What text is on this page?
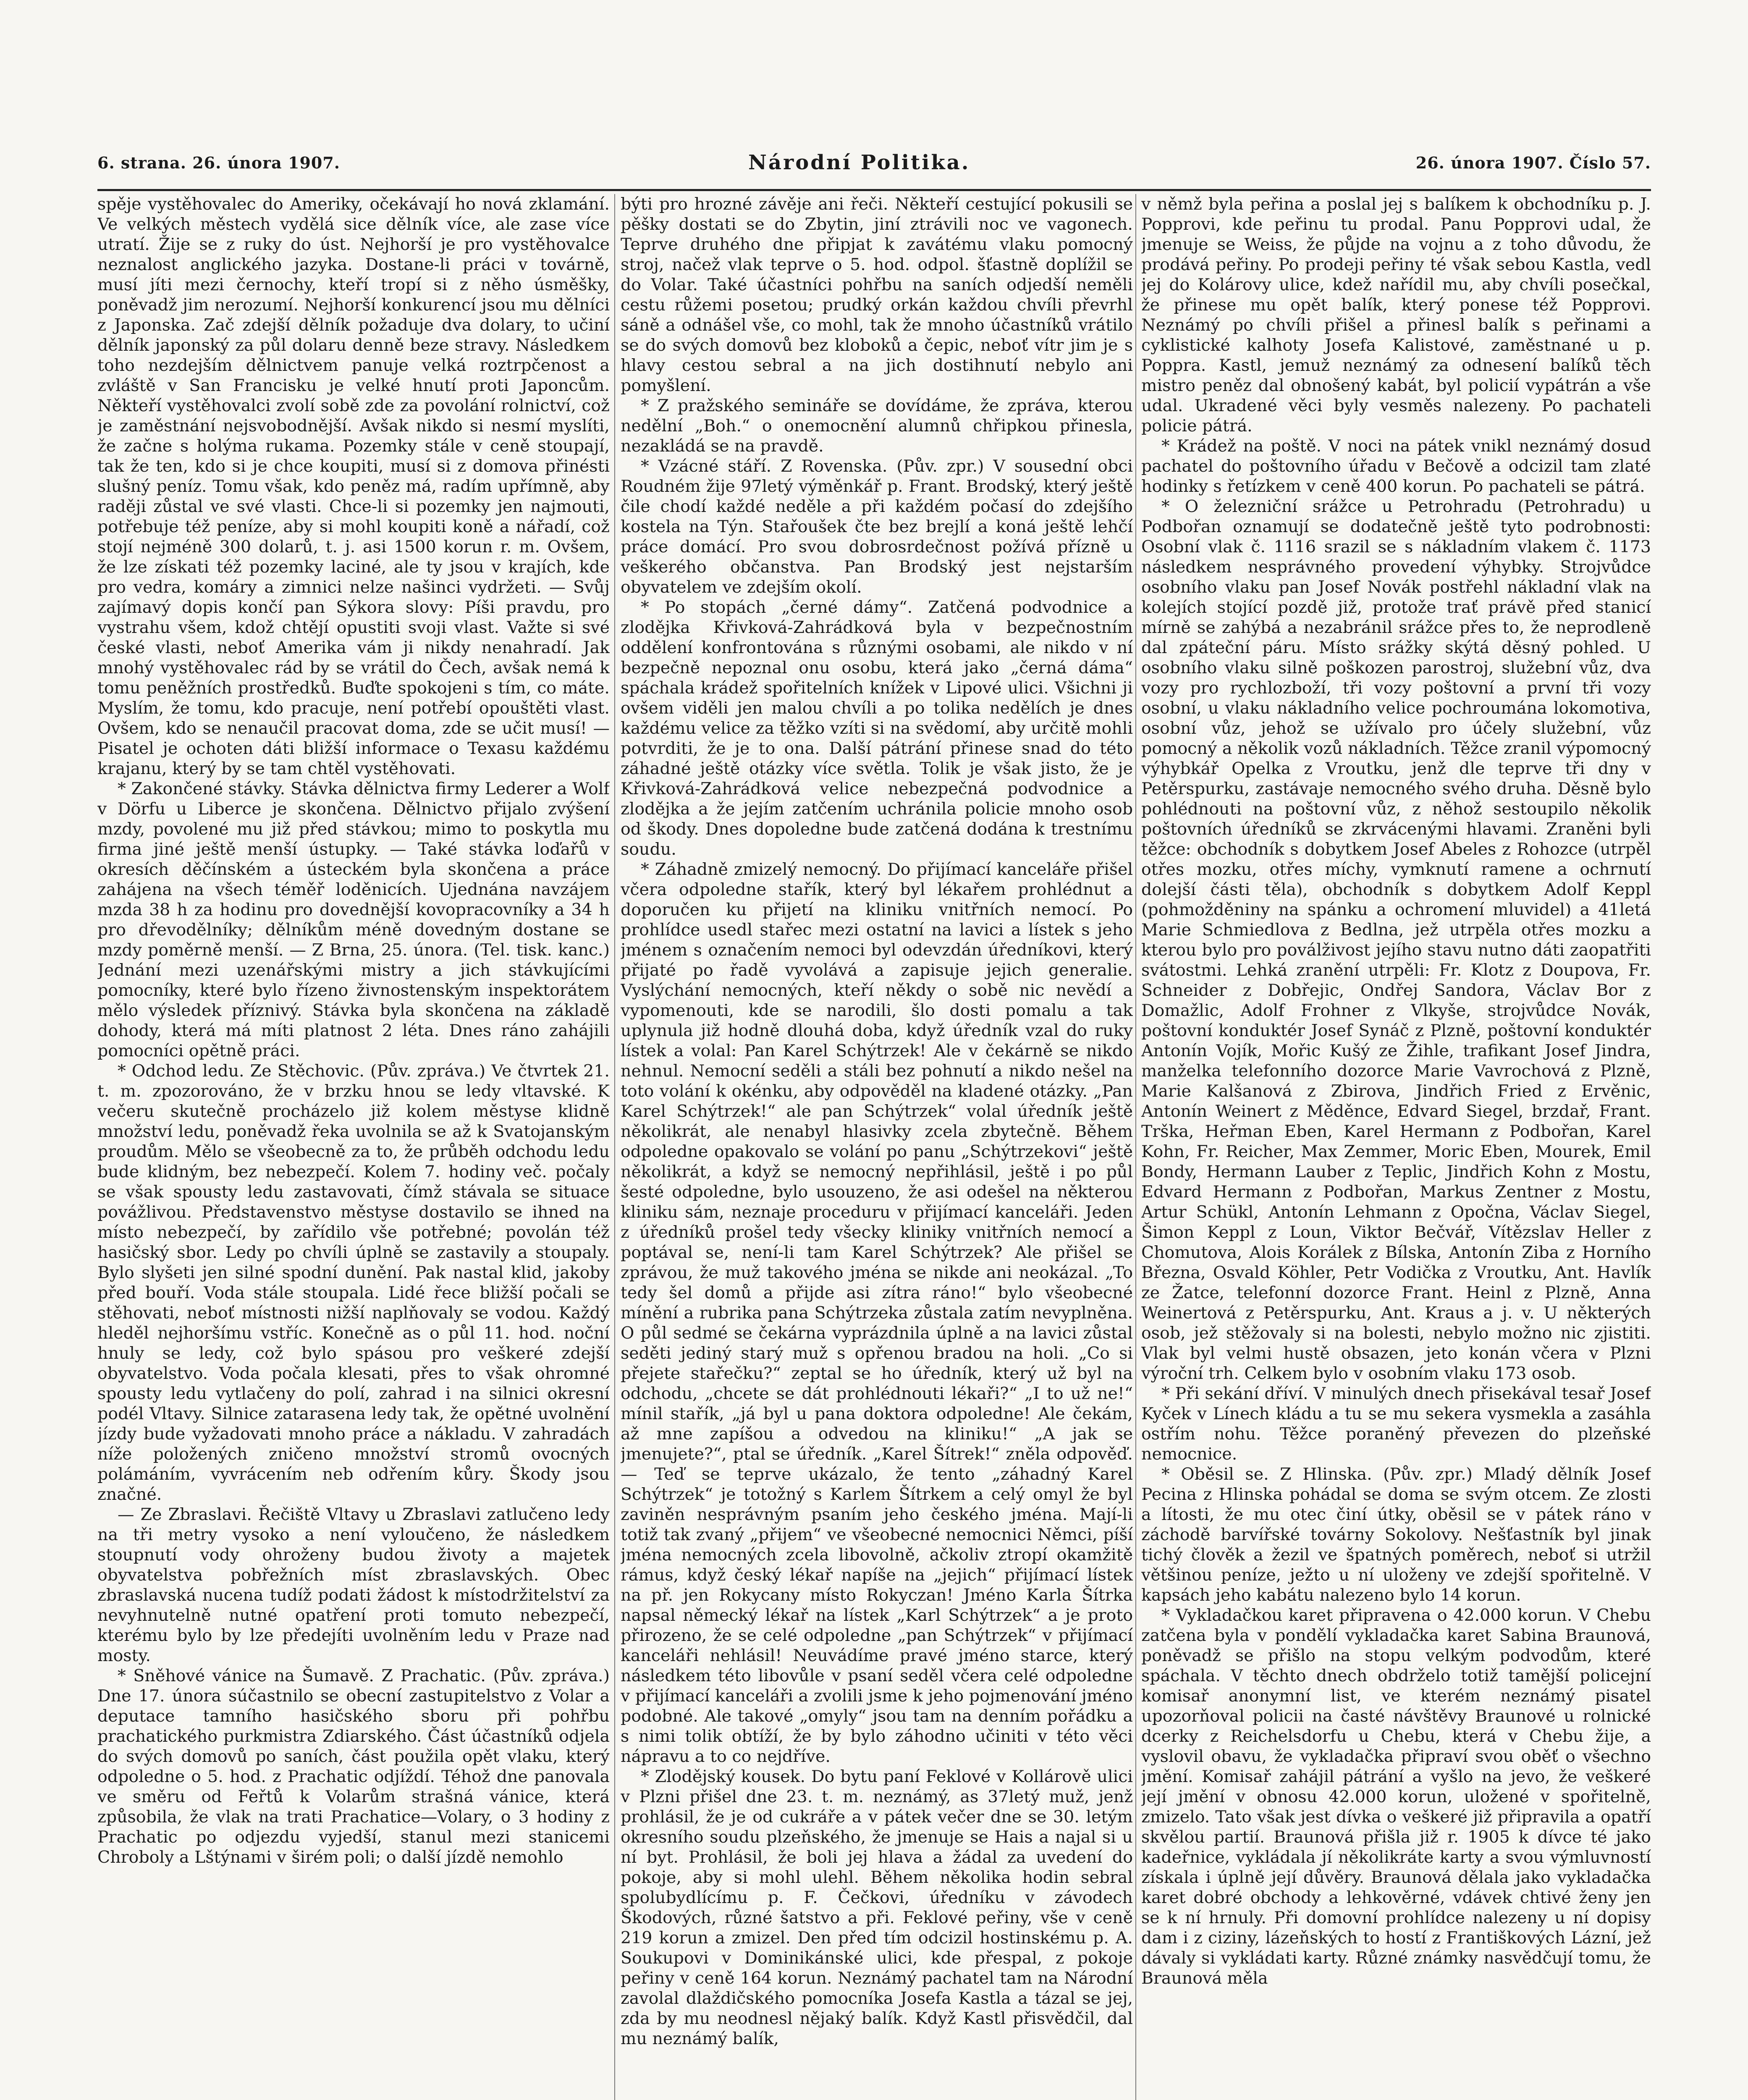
6. strana. 26. února 1907.	Národní Politika.	26. února 1907. Číslo 57.

spěje vystěhovalec do Ameriky, očekávají ho nová zklamání. Ve velkých městech vydělá sice dělník více, ale zase více utratí. Žije se z ruky do úst. Nejhorší je pro vystěhovalce neznalost anglického jazyka. Dostane-li práci v továrně, musí jíti mezi černochy, kteří tropí si z něho úsměšky, poněvadž jim nerozumí. Nejhorší konkurencí jsou mu dělníci z Japonska. Zač zdejší dělník požaduje dva dolary, to učiní dělník japonský za půl dolaru denně beze stravy. Následkem toho nezdejším dělnictvem panuje velká roztrpčenost a zvláště v San Francisku je velké hnutí proti Japoncům. Někteří vystěhovalci zvolí sobě zde za povolání rolnictví, což je zaměstnání nejsvobodnější. Avšak nikdo si nesmí myslíti, že začne s holýma rukama. Pozemky stále v ceně stoupají, tak že ten, kdo si je chce koupiti, musí si z domova přinésti slušný peníz. Tomu však, kdo peněz má, radím upřímně, aby raději zůstal ve své vlasti. Chce-li si pozemky jen najmouti, potřebuje též peníze, aby si mohl koupiti koně a nářadí, což stojí nejméně 300 dolarů, t. j. asi 1500 korun r. m. Ovšem, že lze získati též pozemky laciné, ale ty jsou v krajích, kde pro vedra, komáry a zimnici nelze našinci vydržeti. — Svůj zajímavý dopis končí pan Sýkora slovy: Píši pravdu, pro vystrahu všem, kdož chtějí opustiti svoji vlast. Važte si své české vlasti, neboť Amerika vám ji nikdy nenahradí. Jak mnohý vystěhovalec rád by se vrátil do Čech, avšak nemá k tomu peněžních prostředků. Buďte spokojeni s tím, co máte. Myslím, že tomu, kdo pracuje, není potřebí opouštěti vlast. Ovšem, kdo se nenaučil pracovat doma, zde se učit musí! — Pisatel je ochoten dáti bližší informace o Texasu každému krajanu, který by se tam chtěl vystěhovati.

* Zakončené stávky. Stávka dělnictva firmy Lederer a Wolf v Dörfu u Liberce je skončena. Dělnictvo přijalo zvýšení mzdy, povolené mu již před stávkou; mimo to poskytla mu firma jiné ještě menší ústupky. — Také stávka loďařů v okresích děčínském a ústeckém byla skončena a práce zahájena na všech téměř loděnicích. Ujednána navzájem mzda 38 h za hodinu pro dovednější kovopracovníky a 34 h pro dřevodělníky; dělníkům méně dovedným dostane se mzdy poměrně menší. — Z Brna, 25. února. (Tel. tisk. kanc.) Jednání mezi uzenářskými mistry a jich stávkujícími pomocníky, které bylo řízeno živnostenským inspektorátem mělo výsledek příznivý. Stávka byla skončena na základě dohody, která má míti platnost 2 léta. Dnes ráno zahájili pomocníci opětně práci.

* Odchod ledu. Ze Stěchovic. (Pův. zpráva.) Ve čtvrtek 21. t. m. zpozorováno, že v brzku hnou se ledy vltavské. K večeru skutečně procházelo již kolem městyse klidně množství ledu, poněvadž řeka uvolnila se až k Svatojanským proudům. Mělo se všeobecně za to, že průběh odchodu ledu bude klidným, bez nebezpečí. Kolem 7. hodiny več. počaly se však spousty ledu zastavovati, čímž stávala se situace povážlivou. Představenstvo městyse dostavilo se ihned na místo nebezpečí, by zařídilo vše potřebné; povolán též hasičský sbor. Ledy po chvíli úplně se zastavily a stoupaly. Bylo slyšeti jen silné spodní dunění. Pak nastal klid, jakoby před bouří. Voda stále stoupala. Lidé řece bližší počali se stěhovati, neboť místnosti nižší naplňovaly se vodou. Každý hleděl nejhoršímu vstříc. Konečně as o půl 11. hod. noční hnuly se ledy, což bylo spásou pro veškeré zdejší obyvatelstvo. Voda počala klesati, přes to však ohromné spousty ledu vytlačeny do polí, zahrad i na silnici okresní podél Vltavy. Silnice zatarasena ledy tak, že opětné uvolnění jízdy bude vyžadovati mnoho práce a nákladu. V zahradách níže položených zničeno množství stromů ovocných polámáním, vyvrácením neb odřením kůry. Škody jsou značné.

— Ze Zbraslavi. Řečiště Vltavy u Zbraslavi zatlučeno ledy na tři metry vysoko a není vyloučeno, že následkem stoupnutí vody ohroženy budou životy a majetek obyvatelstva pobřežních míst zbraslavských. Obec zbraslavská nucena tudíž podati žádost k místodržitelství za nevyhnutelně nutné opatření proti tomuto nebezpečí, kterému bylo by lze předejíti uvolněním ledu v Praze nad mosty.

* Sněhové vánice na Šumavě. Z Prachatic. (Pův. zpráva.) Dne 17. února súčastnilo se obecní zastupitelstvo z Volar a deputace tamního hasičského sboru při pohřbu prachatického purkmistra Zdiarského. Část účastníků odjela do svých domovů po saních, část použila opět vlaku, který odpoledne o 5. hod. z Prachatic odjíždí. Téhož dne panovala ve směru od Feřtů k Volarům strašná vánice, která způsobila, že vlak na trati Prachatice—Volary, o 3 hodiny z Prachatic po odjezdu vyjedší, stanul mezi stanicemi Chroboly a Lštýnami v širém poli; o další jízdě nemohlo

býti pro hrozné závěje ani řeči. Někteří cestující pokusili se pěšky dostati se do Zbytin, jiní ztrávili noc ve vagonech. Teprve druhého dne připjat k zavátému vlaku pomocný stroj, načež vlak teprve o 5. hod. odpol. šťastně doplížil se do Volar. Také účastníci pohřbu na saních odjedší neměli cestu růžemi posetou; prudký orkán každou chvíli převrhl sáně a odnášel vše, co mohl, tak že mnoho účastníků vrátilo se do svých domovů bez kloboků a čepic, neboť vítr jim je s hlavy cestou sebral a na jich dostihnutí nebylo ani pomyšlení.

* Z pražského semináře se dovídáme, že zpráva, kterou nedělní „Boh.“ o onemocnění alumnů chřipkou přinesla, nezakládá se na pravdě.

* Vzácné stáří. Z Rovenska. (Pův. zpr.) V sousední obci Roudném žije 97letý výměnkář p. Frant. Brodský, který ještě čile chodí každé neděle a při každém počasí do zdejšího kostela na Týn. Stařoušek čte bez brejlí a koná ještě lehčí práce domácí. Pro svou dobrosrdečnost požívá přízně u veškerého občanstva. Pan Brodský jest nejstarším obyvatelem ve zdejším okolí.

* Po stopách „černé dámy“. Zatčená podvodnice a zlodějka Křivková-Zahrádková byla v bezpečnostním oddělení konfrontována s různými osobami, ale nikdo v ní bezpečně nepoznal onu osobu, která jako „černá dáma“ spáchala krádež spořitelních knížek v Lipové ulici. Všichni ji ovšem viděli jen malou chvíli a po tolika nedělích je dnes každému velice za těžko vzíti si na svědomí, aby určitě mohli potvrditi, že je to ona. Další pátrání přinese snad do této záhadné ještě otázky více světla. Tolik je však jisto, že je Křivková-Zahrádková velice nebezpečná podvodnice a zlodějka a že jejím zatčením uchránila policie mnoho osob od škody. Dnes dopoledne bude zatčená dodána k trestnímu soudu.

* Záhadně zmizelý nemocný. Do přijímací kanceláře přišel včera odpoledne stařík, který byl lékařem prohlédnut a doporučen ku přijetí na kliniku vnitřních nemocí. Po prohlídce usedl stařec mezi ostatní na lavici a lístek s jeho jménem s označením nemoci byl odevzdán úředníkovi, který přijaté po řadě vyvolává a zapisuje jejich generalie. Vyslýchání nemocných, kteří někdy o sobě nic nevědí a vypomenouti, kde se narodili, šlo dosti pomalu a tak uplynula již hodně dlouhá doba, když úředník vzal do ruky lístek a volal: Pan Karel Schýtrzek! Ale v čekárně se nikdo nehnul. Nemocní seděli a stáli bez pohnutí a nikdo nešel na toto volání k okénku, aby odpověděl na kladené otázky. „Pan Karel Schýtrzek!“ ale pan Schýtrzek“ volal úředník ještě několikrát, ale nenabyl hlasivky zcela zbytečně. Během odpoledne opakovalo se volání po panu „Schýtrzekovi“ ještě několikrát, a když se nemocný nepřihlásil, ještě i po půl šesté odpoledne, bylo usouzeno, že asi odešel na některou kliniku sám, neznaje proceduru v přijímací kanceláři. Jeden z úředníků prošel tedy všecky kliniky vnitřních nemocí a poptával se, není-li tam Karel Schýtrzek? Ale přišel se zprávou, že muž takového jména se nikde ani neokázal. „To tedy šel domů a přijde asi zítra ráno!“ bylo všeobecné mínění a rubrika pana Schýtrzeka zůstala zatím nevyplněna. O půl sedmé se čekárna vyprázdnila úplně a na lavici zůstal seděti jediný starý muž s opřenou bradou na holi. „Co si přejete stařečku?“ zeptal se ho úředník, který už byl na odchodu, „chcete se dát prohlédnouti lékaři?“ „I to už ne!“ mínil stařík, „já byl u pana doktora odpoledne! Ale čekám, až mne zapíšou a odvedou na kliniku!“ „A jak se jmenujete?“, ptal se úředník. „Karel Šítrek!“ zněla odpověď. — Teď se teprve ukázalo, že tento „záhadný Karel Schýtrzek“ je totožný s Karlem Šítrkem a celý omyl že byl zaviněn nesprávným psaním jeho českého jména. Mají-li totiž tak zvaný „přijem“ ve všeobecné nemocnici Němci, píší jména nemocných zcela libovolně, ačkoliv ztropí okamžitě rámus, když český lékař napíše na „jejich“ přijímací lístek na př. jen Rokycany místo Rokyczan! Jméno Karla Šítrka napsal německý lékař na lístek „Karl Schýtrzek“ a je proto přirozeno, že se celé odpoledne „pan Schýtrzek“ v přijímací kanceláři nehlásil! Neuvádíme pravé jméno starce, který následkem této libovůle v psaní seděl včera celé odpoledne v přijímací kanceláři a zvolili jsme k jeho pojmenování jméno podobné. Ale takové „omyly“ jsou tam na denním pořádku a s nimi tolik obtíží, že by bylo záhodno učiniti v této věci nápravu a to co nejdříve.

* Zlodějský kousek. Do bytu paní Feklové v Kollárově ulici v Plzni přišel dne 23. t. m. neznámý, as 37letý muž, jenž prohlásil, že je od cukráře a v pátek večer dne se 30. letým okresního soudu plzeňského, že jmenuje se Hais a najal si u ní byt. Prohlásil, že boli jej hlava a žádal za uvedení do pokoje, aby si mohl ulehl. Během několika hodin sebral spolubydlícímu p. F. Čečkovi, úředníku v závodech Škodových, různé šatstvo a při. Feklové peřiny, vše v ceně 219 korun a zmizel. Den před tím odcizil hostinskému p. A. Soukupovi v Dominikánské ulici, kde přespal, z pokoje peřiny v ceně 164 korun. Neznámý pachatel tam na Národní zavolal dlaždičského pomocníka Josefa Kastla a tázal se jej, zda by mu neodnesl nějaký balík. Když Kastl přisvědčil, dal mu neznámý balík,

v němž byla peřina a poslal jej s balíkem k obchodníku p. J. Popprovi, kde peřinu tu prodal. Panu Popprovi udal, že jmenuje se Weiss, že půjde na vojnu a z toho důvodu, že prodává peřiny. Po prodeji peřiny té však sebou Kastla, vedl jej do Kolárovy ulice, kdež nařídil mu, aby chvíli posečkal, že přinese mu opět balík, který ponese též Popprovi. Neznámý po chvíli přišel a přinesl balík s peřinami a cyklistické kalhoty Josefa Kalistové, zaměstnané u p. Poppra. Kastl, jemuž neznámý za odnesení balíků těch mistro peněz dal obnošený kabát, byl policií vypátrán a vše udal. Ukradené věci byly vesměs nalezeny. Po pachateli policie pátrá.

* Krádež na poště. V noci na pátek vnikl neznámý dosud pachatel do poštovního úřadu v Bečově a odcizil tam zlaté hodinky s řetízkem v ceně 400 korun. Po pachateli se pátrá.

* O železniční srážce u Petrohradu (Petrohradu) u Podbořan oznamují se dodatečně ještě tyto podrobnosti: Osobní vlak č. 1116 srazil se s nákladním vlakem č. 1173 následkem nesprávného provedení výhybky. Strojvůdce osobního vlaku pan Josef Novák postřehl nákladní vlak na kolejích stojící pozdě již, protože trať právě před stanicí mírně se zahýbá a nezabránil srážce přes to, že neprodleně dal zpáteční páru. Místo srážky skýtá děsný pohled. U osobního vlaku silně poškozen parostroj, služební vůz, dva vozy pro rychlozboží, tři vozy poštovní a první tři vozy osobní, u vlaku nákladního velice pochroumána lokomotiva, osobní vůz, jehož se užívalo pro účely služební, vůz pomocný a několik vozů nákladních. Těžce zranil výpomocný výhybkář Opelka z Vroutku, jenž dle teprve tři dny v Petěrspurku, zastávaje nemocného svého druha. Děsně bylo pohlédnouti na poštovní vůz, z něhož sestoupilo několik poštovních úředníků se zkrvácenými hlavami. Zraněni byli těžce: obchodník s dobytkem Josef Abeles z Rohozce (utrpěl otřes mozku, otřes míchy, vymknutí ramene a ochrnutí dolejší části těla), obchodník s dobytkem Adolf Keppl (pohmožděniny na spánku a ochromení mluvidel) a 41letá Marie Schmiedlova z Bedlna, jež utrpěla otřes mozku a kterou bylo pro poválživost jejího stavu nutno dáti zaopatřiti svátostmi. Lehká zranění utrpěli: Fr. Klotz z Doupova, Fr. Schneider z Dobřejic, Ondřej Sandora, Václav Bor z Domažlic, Adolf Frohner z Vlkyše, strojvůdce Novák, poštovní konduktér Josef Synáč z Plzně, poštovní konduktér Antonín Vojík, Mořic Kušý ze Žihle, trafikant Josef Jindra, manželka telefonního dozorce Marie Vavrochová z Plzně, Marie Kalšanová z Zbirova, Jindřich Fried z Ervěnic, Antonín Weinert z Měděnce, Edvard Siegel, brzdař, Frant. Trška, Heřman Eben, Karel Hermann z Podbořan, Karel Kohn, Fr. Reicher, Max Zemmer, Moric Eben, Mourek, Emil Bondy, Hermann Lauber z Teplic, Jindřich Kohn z Mostu, Edvard Hermann z Podbořan, Markus Zentner z Mostu, Artur Schükl, Antonín Lehmann z Opočna, Václav Siegel, Šimon Keppl z Loun, Viktor Bečvář, Vítězslav Heller z Chomutova, Alois Korálek z Bílska, Antonín Ziba z Horního Března, Osvald Köhler, Petr Vodička z Vroutku, Ant. Havlík ze Žatce, telefonní dozorce Frant. Heinl z Plzně, Anna Weinertová z Petěrspurku, Ant. Kraus a j. v. U některých osob, jež stěžovaly si na bolesti, nebylo možno nic zjistiti. Vlak byl velmi hustě obsazen, jeto konán včera v Plzni výroční trh. Celkem bylo v osobním vlaku 173 osob.

* Při sekání dříví. V minulých dnech přisekával tesař Josef Kyček v Línech kládu a tu se mu sekera vysmekla a zasáhla ostřím nohu. Těžce poraněný převezen do plzeňské nemocnice.

* Oběsil se. Z Hlinska. (Pův. zpr.) Mladý dělník Josef Pecina z Hlinska pohádal se doma se svým otcem. Ze zlosti a lítosti, že mu otec činí útky, oběsil se v pátek ráno v záchodě barvířské továrny Sokolovy. Nešťastník byl jinak tichý člověk a žezil ve špatných poměrech, neboť si utržil většinou peníze, ježto u ní uloženy ve zdejší spořitelně. V kapsách jeho kabátu nalezeno bylo 14 korun.

* Vykladačkou karet připravena o 42.000 korun. V Chebu zatčena byla v pondělí vykladačka karet Sabina Braunová, poněvadž se přišlo na stopu velkým podvodům, které spáchala. V těchto dnech obdrželo totiž tamější policejní komisař anonymní list, ve kterém neznámý pisatel upozorňoval policii na časté návštěvy Braunové u rolnické dcerky z Reichelsdorfu u Chebu, která v Chebu žije, a vyslovil obavu, že vykladačka připraví svou oběť o všechno jmění. Komisař zahájil pátrání a vyšlo na jevo, že veškeré její jmění v obnosu 42.000 korun, uložené v spořitelně, zmizelo. Tato však jest dívka o veškeré již připravila a opatří skvělou partií. Braunová přišla již r. 1905 k dívce té jako kadeřnice, vykládala jí několikráte karty a svou výmluvností získala i úplně její důvěry. Braunová dělala jako vykladačka karet dobré obchody a lehkověrné, vdávek chtivé ženy jen se k ní hrnuly. Při domovní prohlídce nalezeny u ní dopisy dam i z ciziny, lázeňských to hostí z Františkových Lázní, jež dávaly si vykládati karty. Různé známky nasvědčují tomu, že Braunová měla
